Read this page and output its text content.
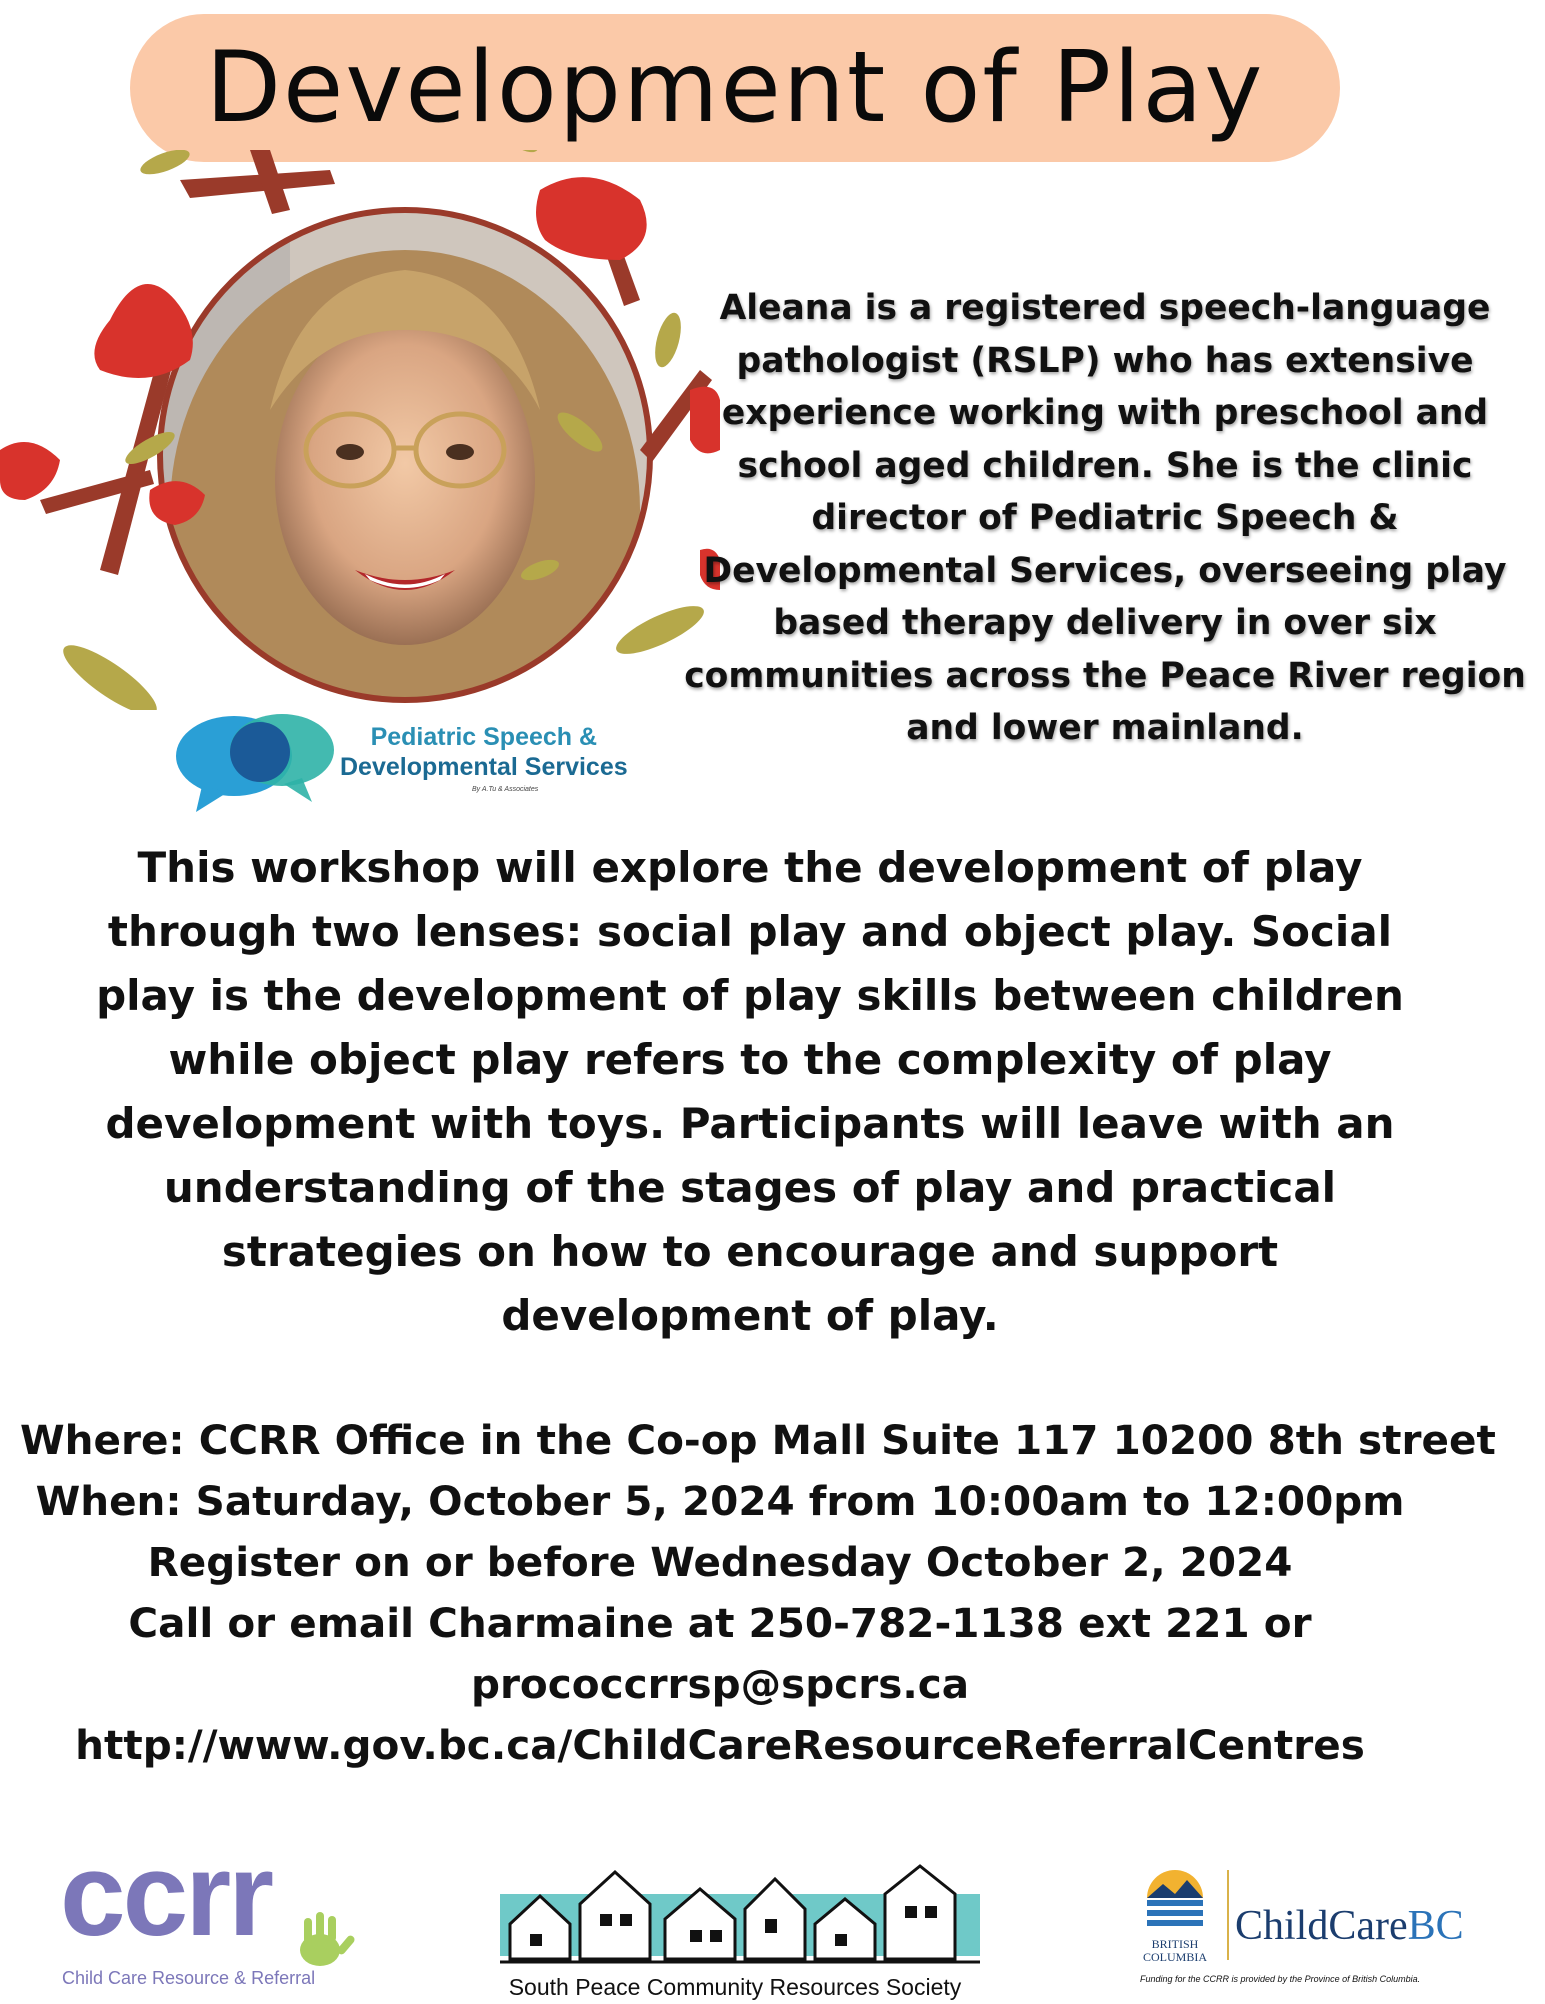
Development of Play
Aleana is a registered speech-language
pathologist (RSLP) who has extensive
experience working with preschool and
school aged children. She is the clinic
director of Pediatric Speech &
Developmental Services, overseeing play
based therapy delivery in over six
communities across the Peace River region
and lower mainland.
Pediatric Speech &
Developmental Services
By A.Tu & Associates
This workshop will explore the development of play
through two lenses: social play and object play. Social
play is the development of play skills between children
while object play refers to the complexity of play
development with toys. Participants will leave with an
understanding of the stages of play and practical
strategies on how to encourage and support
development of play.
Where: CCRR Office in the Co-op Mall Suite 117 10200 8th street
When: Saturday, October 5, 2024 from 10:00am to 12:00pm
Register on or before Wednesday October 2, 2024
Call or email Charmaine at 250-782-1138 ext 221 or
prococcrrsp@spcrs.ca
http://www.gov.bc.ca/ChildCareResourceReferralCentres
ccrr
Child Care Resource & Referral	South Peace Community Resources Society
BRITISH
COLUMBIA
ChildCareBC
Funding for the CCRR is provided by the Province of British Columbia.
